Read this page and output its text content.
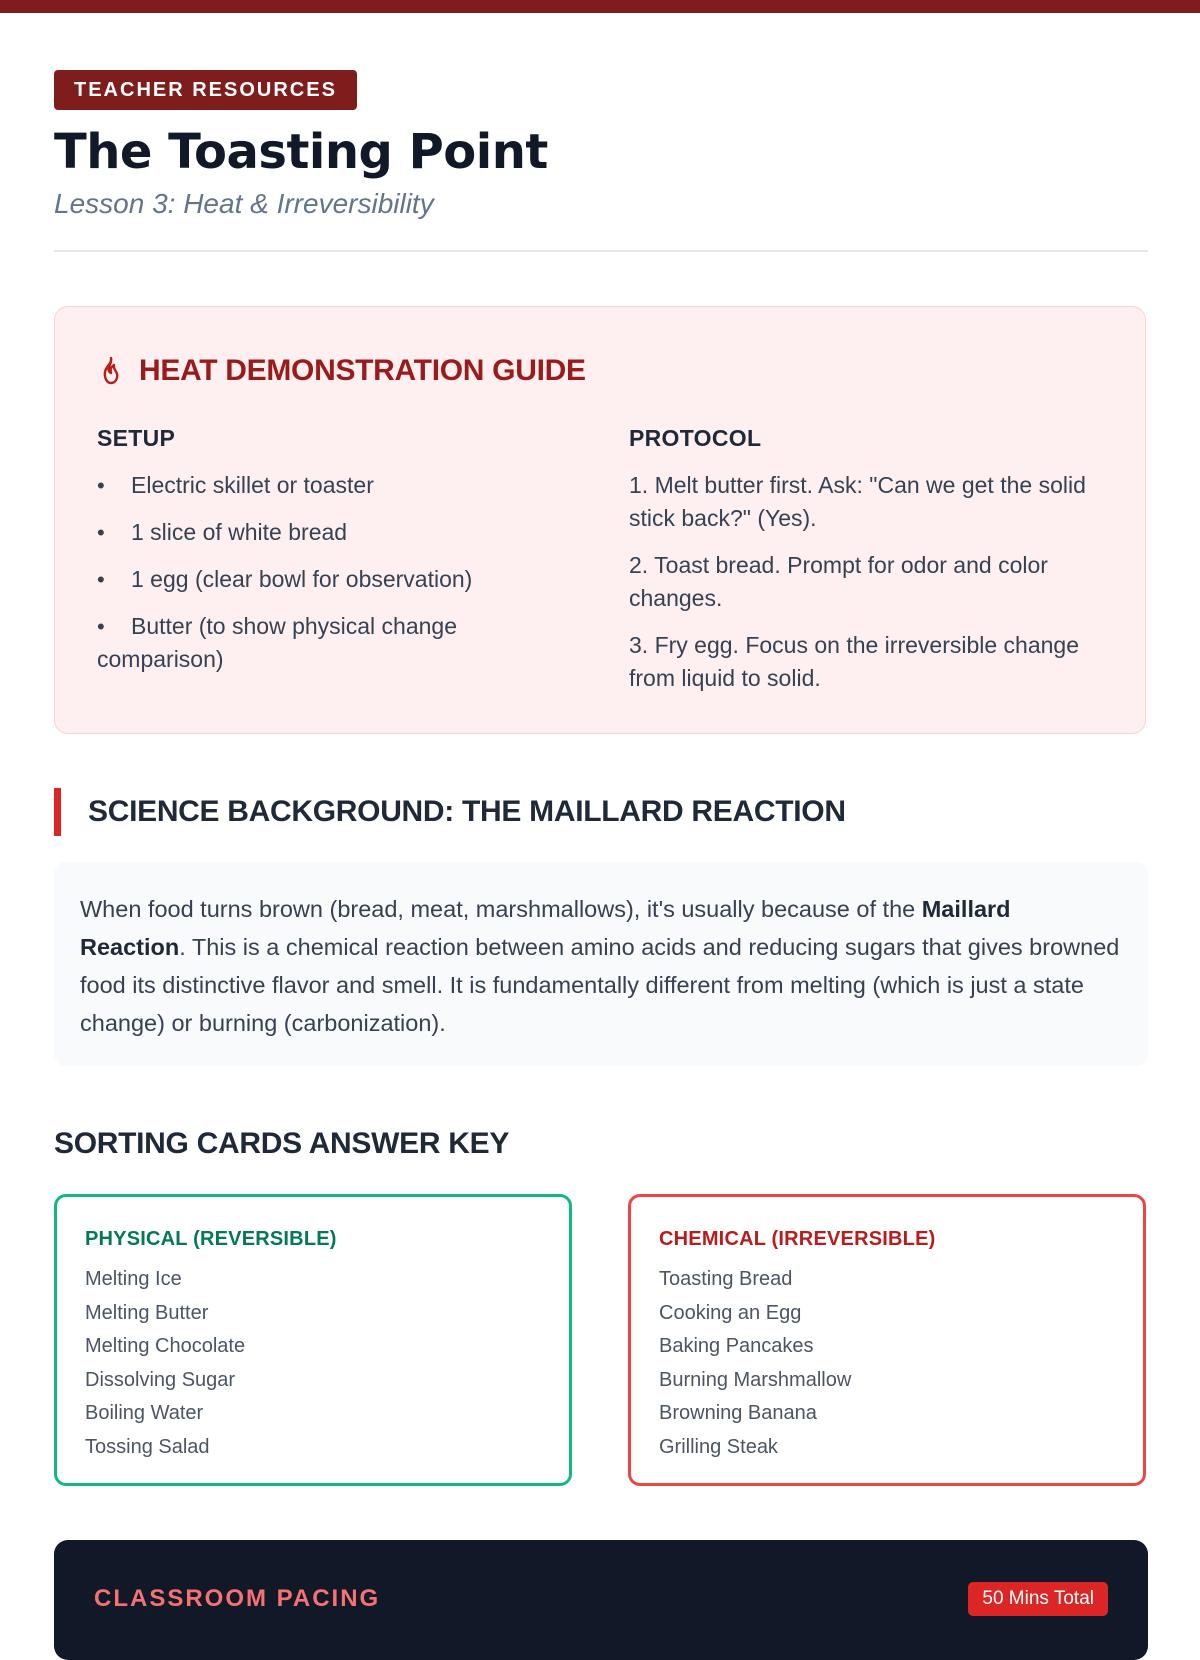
TEACHER RESOURCES
The Toasting Point
Lesson 3: Heat & Irreversibility
HEAT DEMONSTRATION GUIDE
SETUP
• Electric skillet or toaster
• 1 slice of white bread
• 1 egg (clear bowl for observation)
• Butter (to show physical change comparison)
PROTOCOL

1. Melt butter first. Ask: "Can we get the solid stick back?" (Yes).

2. Toast bread. Prompt for odor and color changes.

3. Fry egg. Focus on the irreversible change from liquid to solid.

SCIENCE BACKGROUND: THE MAILLARD REACTION

When food turns brown (bread, meat, marshmallows), it's usually because of the Maillard Reaction. This is a chemical reaction between amino acids and reducing sugars that gives browned food its distinctive flavor and smell. It is fundamentally different from melting (which is just a state change) or burning (carbonization).

SORTING CARDS ANSWER KEY
PHYSICAL (REVERSIBLE)
Melting Ice
Melting Butter
Melting Chocolate
Dissolving Sugar
Boiling Water
Tossing Salad
CHEMICAL (IRREVERSIBLE)
Toasting Bread
Cooking an Egg
Baking Pancakes
Burning Marshmallow
Browning Banana
Grilling Steak
CLASSROOM PACING	50 Mins Total
